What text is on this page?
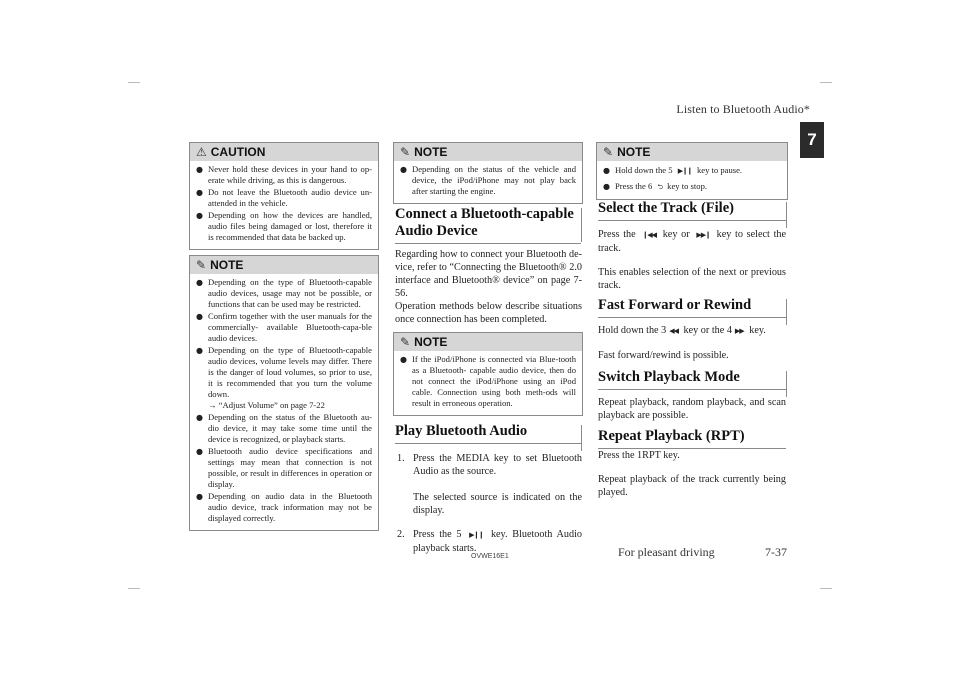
Listen to Bluetooth Audio*
7
⚠ CAUTION
● Never hold these devices in your hand to op-erate while driving, as this is dangerous.
● Do not leave the Bluetooth audio device un-attended in the vehicle.
● Depending on how the devices are handled, audio files being damaged or lost, therefore it is recommended that data be backed up.
✎ NOTE
● Depending on the type of Bluetooth-capable audio devices, usage may not be possible, or functions that can be used may be restricted.
● Confirm together with the user manuals for the commercially- available Bluetooth-capa-ble audio devices.
● Depending on the type of Bluetooth-capable audio devices, volume levels may differ. There is the danger of loud volumes, so prior to use, it is recommended that you turn the volume down.
→ “Adjust Volume” on page 7-22
● Depending on the status of the Bluetooth au-dio device, it may take some time until the device is recognized, or playback starts.
● Bluetooth audio device specifications and settings may mean that connection is not possible, or result in differences in operation or display.
● Depending on audio data in the Bluetooth audio device, track information may not be displayed correctly.
✎ NOTE
● Depending on the status of the vehicle and device, the iPod/iPhone may not play back after starting the engine.
Connect a Bluetooth-capable Audio Device
Regarding how to connect your Bluetooth de-vice, refer to “Connecting the Bluetooth® 2.0 interface and Bluetooth® device” on page 7-56.
Operation methods below describe situations once connection has been completed.
✎ NOTE
● If the iPod/iPhone is connected via Blue-tooth as a Bluetooth- capable audio device, then do not connect the iPod/iPhone using an iPod cable. Connection using both meth-ods will result in erroneous operation.
Play Bluetooth Audio
1. Press the MEDIA key to set Bluetooth Audio as the source.

The selected source is indicated on the display.
2. Press the 5 ▶❙❙ key. Bluetooth Audio playback starts.
✎ NOTE
● Hold down the 5 ▶❙❙ key to pause.
● Press the 6 ⮌ key to stop.
Select the Track (File)
Press the ❙◀◀ key or ▶▶❙ key to select the track.
This enables selection of the next or previous track.
Fast Forward or Rewind
Hold down the 3 ◀◀ key or the 4 ▶▶ key.
Fast forward/rewind is possible.
Switch Playback Mode
Repeat playback, random playback, and scan playback are possible.
Repeat Playback (RPT)
Press the 1RPT key.
Repeat playback of the track currently being played.
OVWE16E1	For pleasant driving	7-37
